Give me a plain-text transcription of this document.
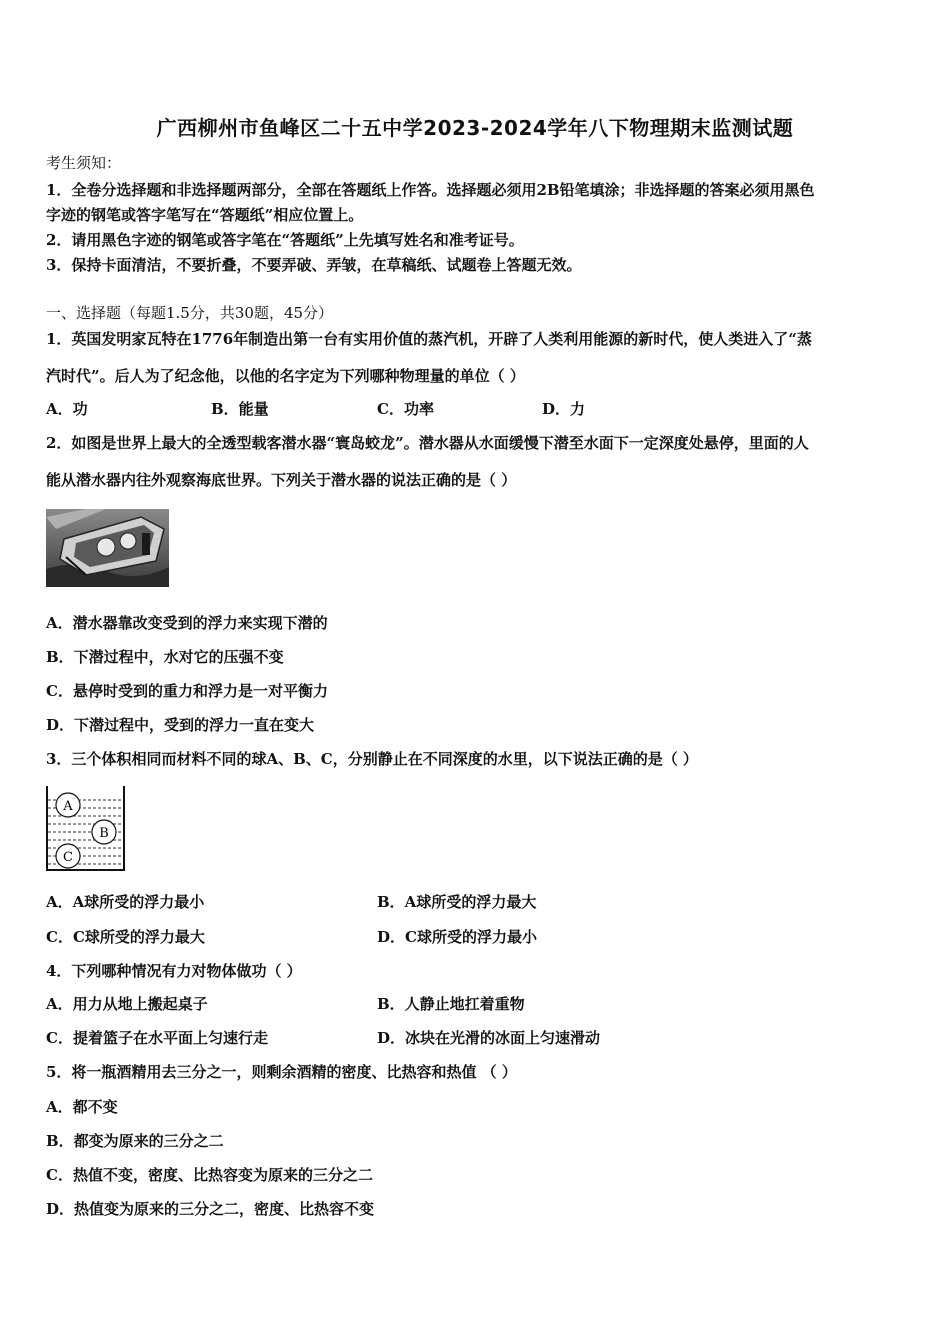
广西柳州市鱼峰区二十五中学2023-2024学年八下物理期末监测试题
考生须知：
1．全卷分选择题和非选择题两部分，全部在答题纸上作答。选择题必须用2B铅笔填涂；非选择题的答案必须用黑色
字迹的钢笔或答字笔写在“答题纸”相应位置上。
2．请用黑色字迹的钢笔或答字笔在“答题纸”上先填写姓名和准考证号。
3．保持卡面清洁，不要折叠，不要弄破、弄皱，在草稿纸、试题卷上答题无效。
一、选择题（每题1.5分，共30题，45分）
1．英国发明家瓦特在1776年制造出第一台有实用价值的蒸汽机，开辟了人类利用能源的新时代，使人类进入了“蒸
汽时代”。后人为了纪念他，以他的名字定为下列哪种物理量的单位（ ）
A．功	B．能量	C．功率	D．力
2．如图是世界上最大的全透型载客潜水器“寰岛蛟龙”。潜水器从水面缓慢下潜至水面下一定深度处悬停，里面的人
能从潜水器内往外观察海底世界。下列关于潜水器的说法正确的是（ ）
A．潜水器靠改变受到的浮力来实现下潜的
B．下潜过程中，水对它的压强不变
C．悬停时受到的重力和浮力是一对平衡力
D．下潜过程中，受到的浮力一直在变大
3．三个体积相同而材料不同的球A、B、C，分别静止在不同深度的水里，以下说法正确的是（ ）
A
B
C
A．A球所受的浮力最小	B．A球所受的浮力最大
C．C球所受的浮力最大	D．C球所受的浮力最小
4．下列哪种情况有力对物体做功（ ）
A．用力从地上搬起桌子	B．人静止地扛着重物
C．提着篮子在水平面上匀速行走	D．冰块在光滑的冰面上匀速滑动
5．将一瓶酒精用去三分之一，则剩余酒精的密度、比热容和热值 （ ）
A．都不变
B．都变为原来的三分之二
C．热值不变，密度、比热容变为原来的三分之二
D．热值变为原来的三分之二，密度、比热容不变
